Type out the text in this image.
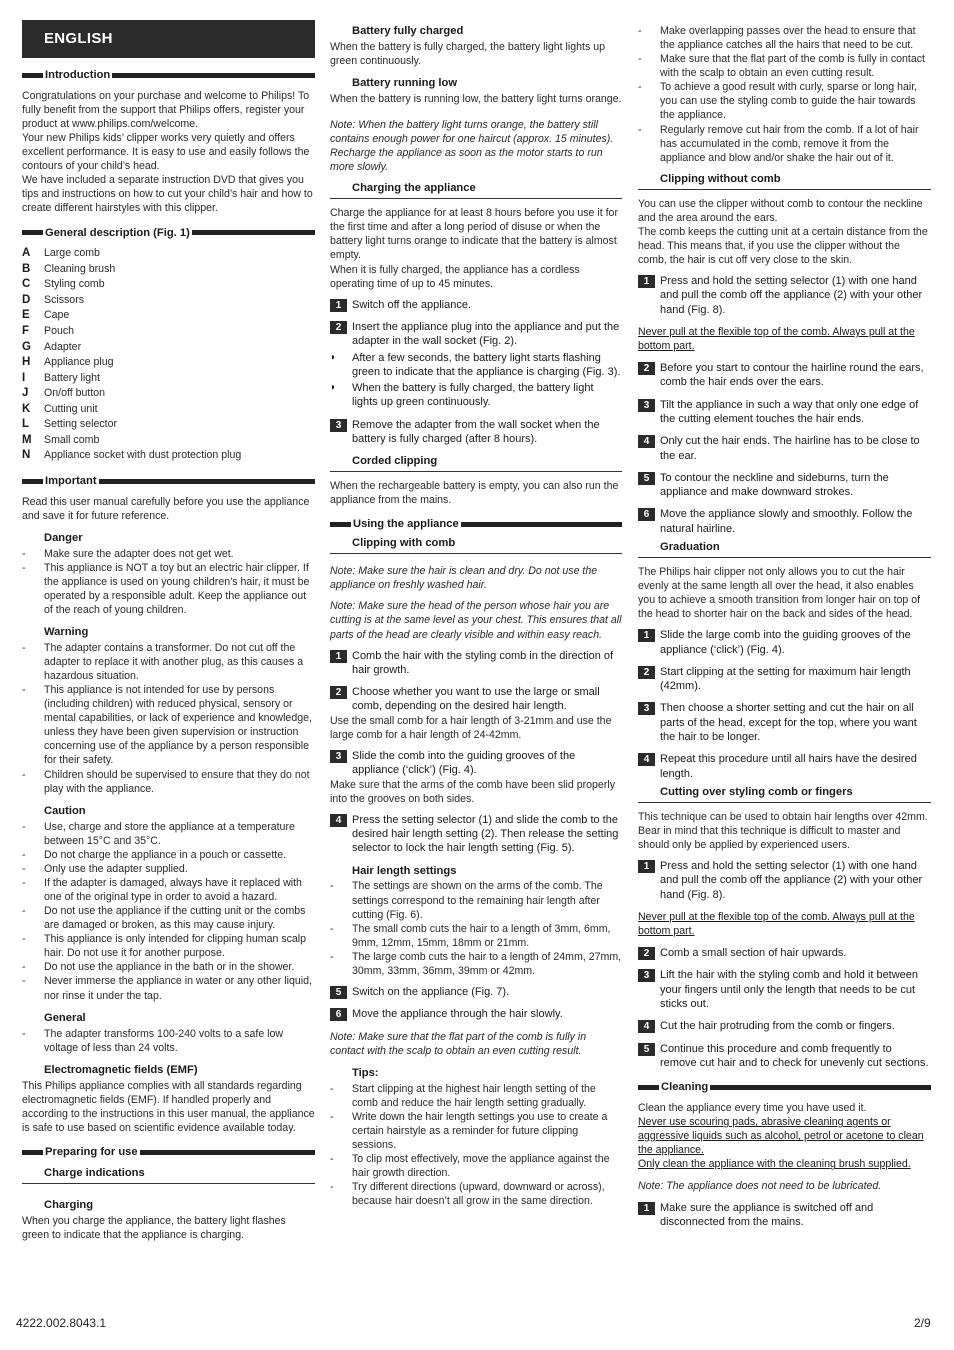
ENGLISH
Introduction

Congratulations on your purchase and welcome to Philips! To fully benefit from the support that Philips offers, register your product at www.philips.com/welcome.

Your new Philips kids’ clipper works very quietly and offers excellent performance. It is easy to use and easily follows the contours of your child’s head.

We have included a separate instruction DVD that gives you tips and instructions on how to cut your child’s hair and how to create different hairstyles with this clipper.

General description (Fig. 1)
A	Large comb
B	Cleaning brush
C	Styling comb
D	Scissors
E	Cape
F	Pouch
G	Adapter
H	Appliance plug
I	Battery light
J	On/off button
K	Cutting unit
L	Setting selector
M	Small comb
N	Appliance socket with dust protection plug
Important

Read this user manual carefully before you use the appliance and save it for future reference.

Danger
- Make sure the adapter does not get wet.
- This appliance is NOT a toy but an electric hair clipper. If the appliance is used on young children’s hair, it must be operated by a responsible adult. Keep the appliance out of the reach of young children.
Warning
- The adapter contains a transformer. Do not cut off the adapter to replace it with another plug, as this causes a hazardous situation.
- This appliance is not intended for use by persons (including children) with reduced physical, sensory or mental capabilities, or lack of experience and knowledge, unless they have been given supervision or instruction concerning use of the appliance by a person responsible for their safety.
- Children should be supervised to ensure that they do not play with the appliance.
Caution
- Use, charge and store the appliance at a temperature between 15°C and 35°C.
- Do not charge the appliance in a pouch or cassette.
- Only use the adapter supplied.
- If the adapter is damaged, always have it replaced with one of the original type in order to avoid a hazard.
- Do not use the appliance if the cutting unit or the combs are damaged or broken, as this may cause injury.
- This appliance is only intended for clipping human scalp hair. Do not use it for another purpose.
- Do not use the appliance in the bath or in the shower.
- Never immerse the appliance in water or any other liquid, nor rinse it under the tap.
General
- The adapter transforms 100-240 volts to a safe low voltage of less than 24 volts.
Electromagnetic fields (EMF)

This Philips appliance complies with all standards regarding electromagnetic fields (EMF). If handled properly and according to the instructions in this user manual, the appliance is safe to use based on scientific evidence available today.

Preparing for use
Charge indications
Charging

When you charge the appliance, the battery light flashes green to indicate that the appliance is charging.

Battery fully charged

When the battery is fully charged, the battery light lights up green continuously.

Battery running low

When the battery is running low, the battery light turns orange.

Note: When the battery light turns orange, the battery still contains enough power for one haircut (approx. 15 minutes). Recharge the appliance as soon as the motor starts to run more slowly.

Charging the appliance

Charge the appliance for at least 8 hours before you use it for the first time and after a long period of disuse or when the battery light turns orange to indicate that the battery is almost empty.

When it is fully charged, the appliance has a cordless operating time of up to 45 minutes.

1 Switch off the appliance.
2 Insert the appliance plug into the appliance and put the adapter in the wall socket (Fig. 2).
◗	After a few seconds, the battery light starts flashing green to indicate that the appliance is charging (Fig. 3).
◗	When the battery is fully charged, the battery light lights up green continuously.
3 Remove the adapter from the wall socket when the battery is fully charged (after 8 hours).
Corded clipping

When the rechargeable battery is empty, you can also run the appliance from the mains.

Using the appliance
Clipping with comb

Note: Make sure the hair is clean and dry. Do not use the appliance on freshly washed hair.

Note: Make sure the head of the person whose hair you are cutting is at the same level as your chest. This ensures that all parts of the head are clearly visible and within easy reach.

1 Comb the hair with the styling comb in the direction of hair growth.
2 Choose whether you want to use the large or small comb, depending on the desired hair length.

Use the small comb for a hair length of 3-21mm and use the large comb for a hair length of 24-42mm.

3 Slide the comb into the guiding grooves of the appliance (‘click’) (Fig. 4).

Make sure that the arms of the comb have been slid properly into the grooves on both sides.

4 Press the setting selector (1) and slide the comb to the desired hair length setting (2). Then release the setting selector to lock the hair length setting (Fig. 5).
Hair length settings
- The settings are shown on the arms of the comb. The settings correspond to the remaining hair length after cutting (Fig. 6).
- The small comb cuts the hair to a length of 3mm, 6mm, 9mm, 12mm, 15mm, 18mm or 21mm.
- The large comb cuts the hair to a length of 24mm, 27mm, 30mm, 33mm, 36mm, 39mm or 42mm.
5 Switch on the appliance (Fig. 7).
6 Move the appliance through the hair slowly.

Note: Make sure that the flat part of the comb is fully in contact with the scalp to obtain an even cutting result.

Tips:
- Start clipping at the highest hair length setting of the comb and reduce the hair length setting gradually.
- Write down the hair length settings you use to create a certain hairstyle as a reminder for future clipping sessions.
- To clip most effectively, move the appliance against the hair growth direction.
- Try different directions (upward, downward or across), because hair doesn’t all grow in the same direction.
- Make overlapping passes over the head to ensure that the appliance catches all the hairs that need to be cut.
- Make sure that the flat part of the comb is fully in contact with the scalp to obtain an even cutting result.
- To achieve a good result with curly, sparse or long hair, you can use the styling comb to guide the hair towards the appliance.
- Regularly remove cut hair from the comb. If a lot of hair has accumulated in the comb, remove it from the appliance and blow and/or shake the hair out of it.
Clipping without comb

You can use the clipper without comb to contour the neckline and the area around the ears.

The comb keeps the cutting unit at a certain distance from the head. This means that, if you use the clipper without the comb, the hair is cut off very close to the skin.

1 Press and hold the setting selector (1) with one hand and pull the comb off the appliance (2) with your other hand (Fig. 8).

Never pull at the flexible top of the comb. Always pull at the bottom part.

2 Before you start to contour the hairline round the ears, comb the hair ends over the ears.
3 Tilt the appliance in such a way that only one edge of the cutting element touches the hair ends.
4 Only cut the hair ends. The hairline has to be close to the ear.
5 To contour the neckline and sideburns, turn the appliance and make downward strokes.
6 Move the appliance slowly and smoothly. Follow the natural hairline.
Graduation

The Philips hair clipper not only allows you to cut the hair evenly at the same length all over the head, it also enables you to achieve a smooth transition from longer hair on top of the head to shorter hair on the back and sides of the head.

1 Slide the large comb into the guiding grooves of the appliance (‘click’) (Fig. 4).
2 Start clipping at the setting for maximum hair length (42mm).
3 Then choose a shorter setting and cut the hair on all parts of the head, except for the top, where you want the hair to be longer.
4 Repeat this procedure until all hairs have the desired length.
Cutting over styling comb or fingers

This technique can be used to obtain hair lengths over 42mm. Bear in mind that this technique is difficult to master and should only be applied by experienced users.

1 Press and hold the setting selector (1) with one hand and pull the comb off the appliance (2) with your other hand (Fig. 8).

Never pull at the flexible top of the comb. Always pull at the bottom part.

2 Comb a small section of hair upwards.
3 Lift the hair with the styling comb and hold it between your fingers until only the length that needs to be cut sticks out.
4 Cut the hair protruding from the comb or fingers.
5 Continue this procedure and comb frequently to remove cut hair and to check for unevenly cut sections.
Cleaning

Clean the appliance every time you have used it.

Never use scouring pads, abrasive cleaning agents or aggressive liquids such as alcohol, petrol or acetone to clean the appliance.

Only clean the appliance with the cleaning brush supplied.

Note: The appliance does not need to be lubricated.

1 Make sure the appliance is switched off and disconnected from the mains.
4222.002.8043.1	2/9
